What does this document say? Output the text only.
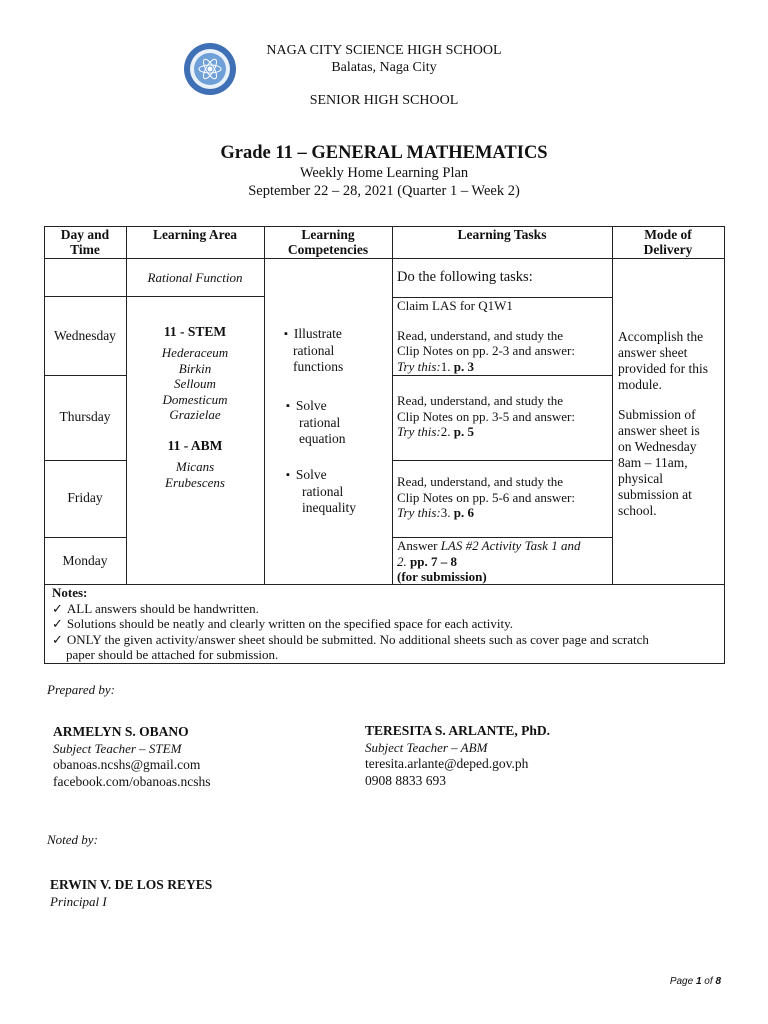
NAGA CITY SCIENCE HIGH SCHOOL
Balatas, Naga City
SENIOR HIGH SCHOOL
Grade 11 – GENERAL MATHEMATICS
Weekly Home Learning Plan
September 22 – 28, 2021 (Quarter 1 – Week 2)
Day and
Time
Learning Area	Learning
Competencies
Learning Tasks	Mode of
Delivery
Wednesday
Thursday
Friday
Monday
Rational Function
11 - STEM
Hederaceum
Birkin
Selloum
Domesticum
Grazielae
11 - ABM
Micans
Erubescens
▪ Illustrate
rational
functions
▪ Solve
rational
equation
▪ Solve
rational
inequality
Do the following tasks:
Claim LAS for Q1W1
Read, understand, and study the
Clip Notes on pp. 2-3 and answer:
Try this:1. p. 3
Read, understand, and study the
Clip Notes on pp. 3-5 and answer:
Try this:2. p. 5
Read, understand, and study the
Clip Notes on pp. 5-6 and answer:
Try this:3. p. 6
Answer LAS #2 Activity Task 1 and
2. pp. 7 – 8
(for submission)
Accomplish the
answer sheet
provided for this
module.
Submission of
answer sheet is
on Wednesday
8am – 11am,
physical
submission at
school.
Notes:
✓ ALL answers should be handwritten.
✓ Solutions should be neatly and clearly written on the specified space for each activity.
✓ ONLY the given activity/answer sheet should be submitted. No additional sheets such as cover page and scratch
paper should be attached for submission.
Prepared by:
ARMELYN S. OBANO
Subject Teacher – STEM
obanoas.ncshs@gmail.com
facebook.com/obanoas.ncshs
TERESITA S. ARLANTE, PhD.
Subject Teacher – ABM
teresita.arlante@deped.gov.ph
0908 8833 693
Noted by:
ERWIN V. DE LOS REYES
Principal I
Page 1 of 8
